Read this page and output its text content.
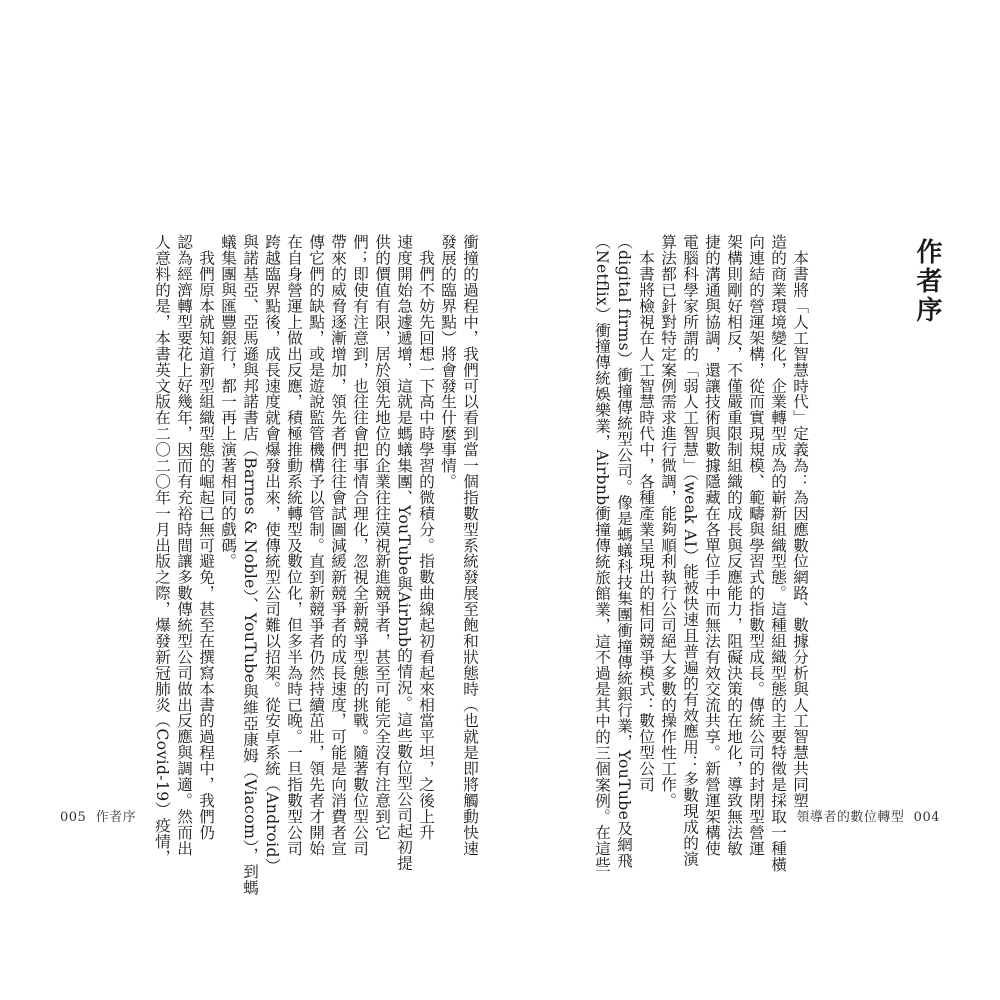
作者序
　本書將「人工智慧時代」定義為：為因應數位網路、數據分析與人工智慧共同塑
造的商業環境變化，企業轉型成為的嶄新組織型態。這種組織型態的主要特徵是採取一種橫
向連結的營運架構，從而實現規模、範疇與學習式的指數型成長。傳統公司的封閉型營運
架構則剛好相反，不僅嚴重限制組織的成長與反應能力，阻礙決策的在地化，導致無法敏
捷的溝通與協調，還讓技術與數據隱藏在各單位手中而無法有效交流共享。新營運架構使
電腦科學家所謂的「弱人工智慧」（weak AI）能被快速且普遍的有效應用：多數現成的演
算法都已針對特定案例需求進行微調，能夠順利執行公司絕大多數的操作性工作。
　本書將檢視在人工智慧時代中，各種產業呈現出的相同競爭模式：數位型公司
（digital firms）衝撞傳統型公司。像是螞蟻科技集團衝撞傳統銀行業，YouTube及網飛
（Netflix）衝撞傳統娛樂業，Airbnb衝撞傳統旅館業，這不過是其中的三個案例。在這些
衝撞的過程中，我們可以看到當一個指數型系統發展至飽和狀態時（也就是即將觸動快速
發展的臨界點）將會發生什麼事情。
　我們不妨先回想一下高中時學習的微積分。指數曲線起初看起來相當平坦，之後上升
速度開始急遽遞增，這就是螞蟻集團、YouTube與Airbnb的情況。這些數位型公司起初提
供的價值有限，居於領先地位的企業往往漠視新進競爭者，甚至可能完全沒有注意到它
們；即使有注意到，也往往會把事情合理化，忽視全新競爭型態的挑戰。隨著數位型公司
帶來的威脅逐漸增加，領先者們往往會試圖減緩新競爭者的成長速度，可能是向消費者宣
傳它們的缺點，或是遊說監管機構予以管制。直到新競爭者仍然持續茁壯，領先者才開始
在自身營運上做出反應，積極推動系統轉型及數位化，但多半為時已晚。一旦指數型公司
跨越臨界點後，成長速度就會爆發出來，使傳統型公司難以招架。從安卓系統（Android）
與諾基亞、亞馬遜與邦諾書店（Barnes & Noble）、YouTube與維亞康姆（Viacom），到螞
蟻集團與匯豐銀行，都一再上演著相同的戲碼。
　我們原本就知道新型組織型態的崛起已無可避免，甚至在撰寫本書的過程中，我們仍
認為經濟轉型要花上好幾年，因而有充裕時間讓多數傳統型公司做出反應與調適。然而出
人意料的是，本書英文版在二〇二〇年一月出版之際，爆發新冠肺炎（Covid-19）疫情，
005 作者序	領導者的數位轉型 004
